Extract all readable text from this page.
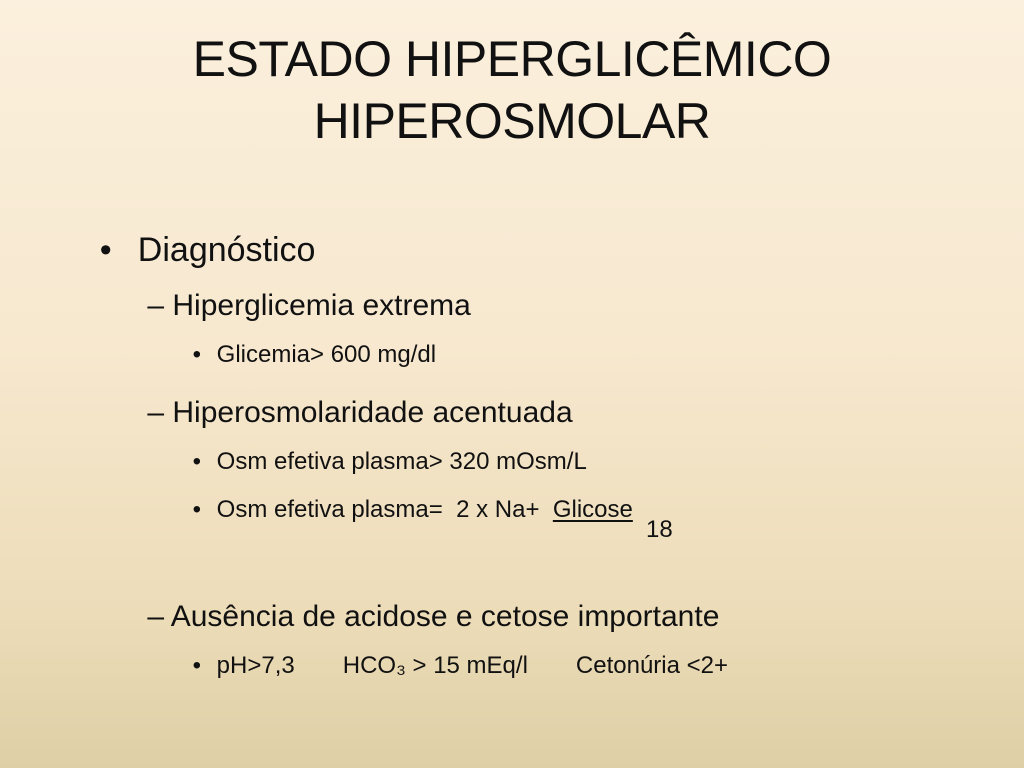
ESTADO HIPERGLICÊMICO
HIPEROSMOLAR

• Diagnóstico

– Hiperglicemia extrema

• Glicemia> 600 mg/dl

– Hiperosmolaridade acentuada

• Osm efetiva plasma> 320 mOsm/L

• Osm efetiva plasma=  2 x Na+  Glicose

18

– Ausência de acidose e cetose importante

• pH>7,3 HCO₃ > 15 mEq/l Cetonúria <2+
